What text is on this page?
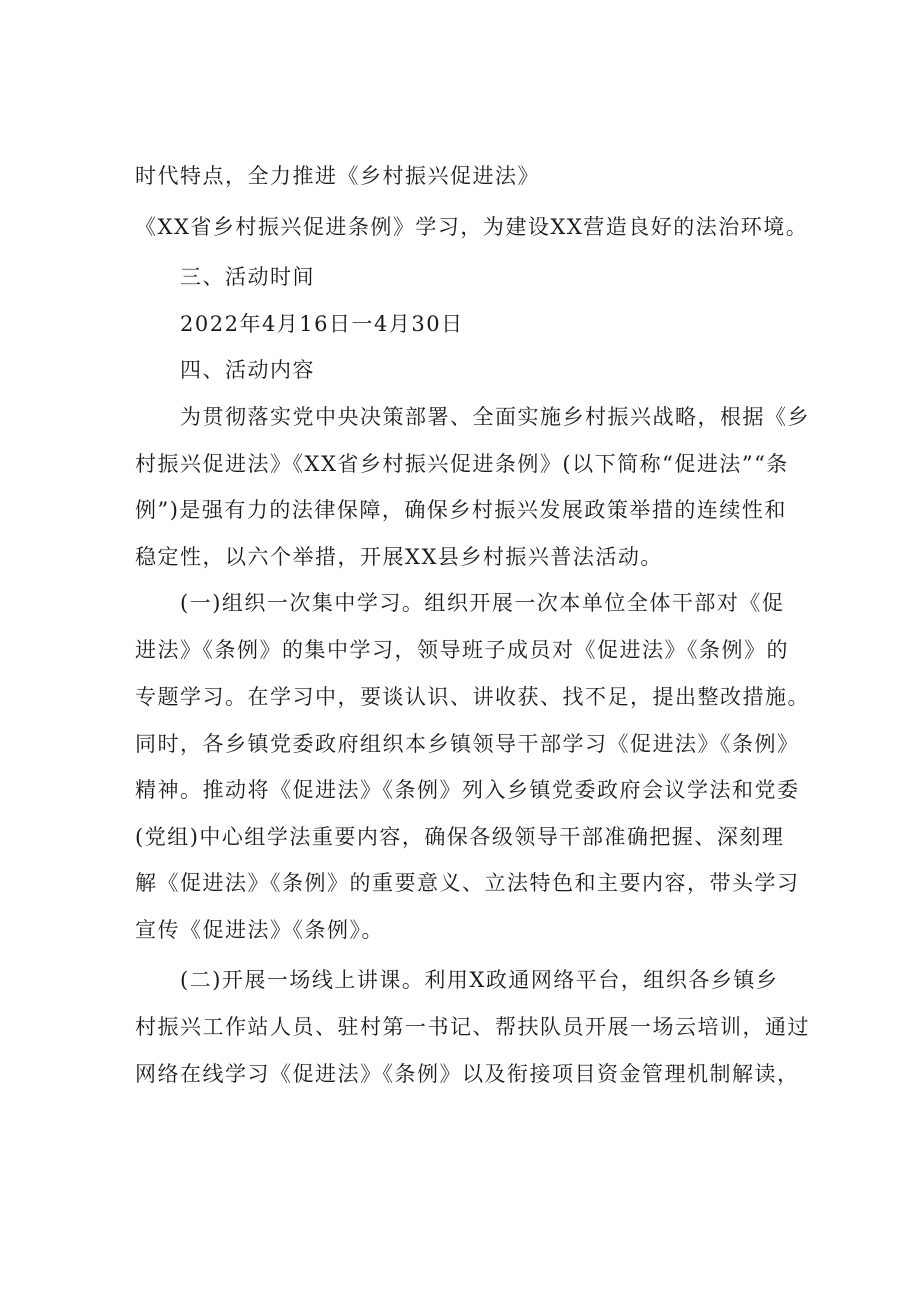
时代特点，全力推进《乡村振兴促进法》
《XX省乡村振兴促进条例》学习，为建设XX营造良好的法治环境。
三、活动时间
2022年4月16日一4月30日
四、活动内容
为贯彻落实党中央决策部署、全面实施乡村振兴战略，根据《乡
村振兴促进法》《XX省乡村振兴促进条例》(以下简称“促进法”“条
例”)是强有力的法律保障，确保乡村振兴发展政策举措的连续性和
稳定性，以六个举措，开展XX县乡村振兴普法活动。
(一)组织一次集中学习。组织开展一次本单位全体干部对《促
进法》《条例》的集中学习，领导班子成员对《促进法》《条例》的
专题学习。在学习中，要谈认识、讲收获、找不足，提出整改措施。
同时，各乡镇党委政府组织本乡镇领导干部学习《促进法》《条例》
精神。推动将《促进法》《条例》列入乡镇党委政府会议学法和党委
(党组)中心组学法重要内容，确保各级领导干部准确把握、深刻理
解《促进法》《条例》的重要意义、立法特色和主要内容，带头学习
宣传《促进法》《条例》。
(二)开展一场线上讲课。利用X政通网络平台，组织各乡镇乡
村振兴工作站人员、驻村第一书记、帮扶队员开展一场云培训，通过
网络在线学习《促进法》《条例》以及衔接项目资金管理机制解读，
